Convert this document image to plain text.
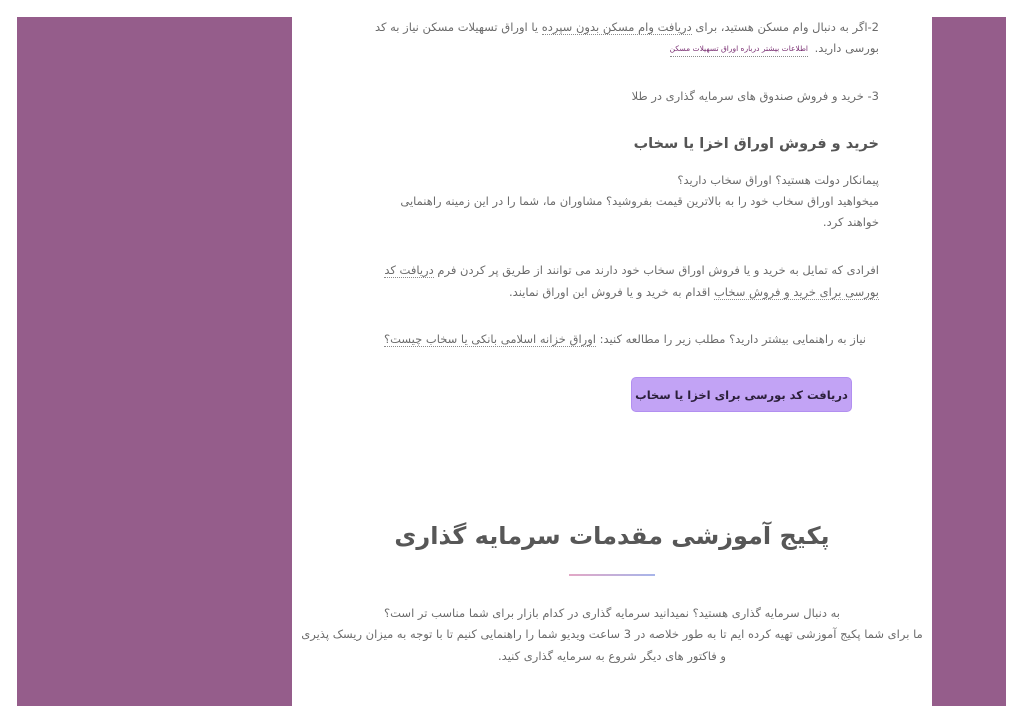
2-اگر به دنبال وام مسکن هستید، برای دریافت وام مسکن بدون سپرده یا اوراق تسهیلات مسکن نیاز به کد
بورسی دارید.
اطلاعات بیشتر درباره اوراق تسهیلات مسکن
3- خرید و فروش صندوق های سرمایه گذاری در طلا
خرید و فروش اوراق اخزا یا سخاب
پیمانکار دولت هستید؟ اوراق سخاب دارید؟
میخواهید اوراق سخاب خود را به بالاترین قیمت بفروشید؟ مشاوران ما، شما را در این زمینه راهنمایی
خواهند کرد.
افرادی که تمایل به خرید و یا فروش اوراق سخاب خود دارند می توانند از طریق پر کردن فرم دریافت کد
بورسی برای خرید و فروش سخاب اقدام به خرید و یا فروش این اوراق نمایند.
نیاز به راهنمایی بیشتر دارید؟ مطلب زیر را مطالعه کنید: اوراق خزانه اسلامی بانکی یا سخاب چیست؟
دریافت کد بورسی برای اخزا یا سخاب
پکیج آموزشی مقدمات سرمایه گذاری
به دنبال سرمایه گذاری هستید؟ نمیدانید سرمایه گذاری در کدام بازار برای شما مناسب تر است؟
ما برای شما پکیج آموزشی تهیه کرده ایم تا به طور خلاصه در 3 ساعت ویدیو شما را راهنمایی کنیم تا با توجه به میزان ریسک پذیری
و فاکتور های دیگر شروع به سرمایه گذاری کنید.
